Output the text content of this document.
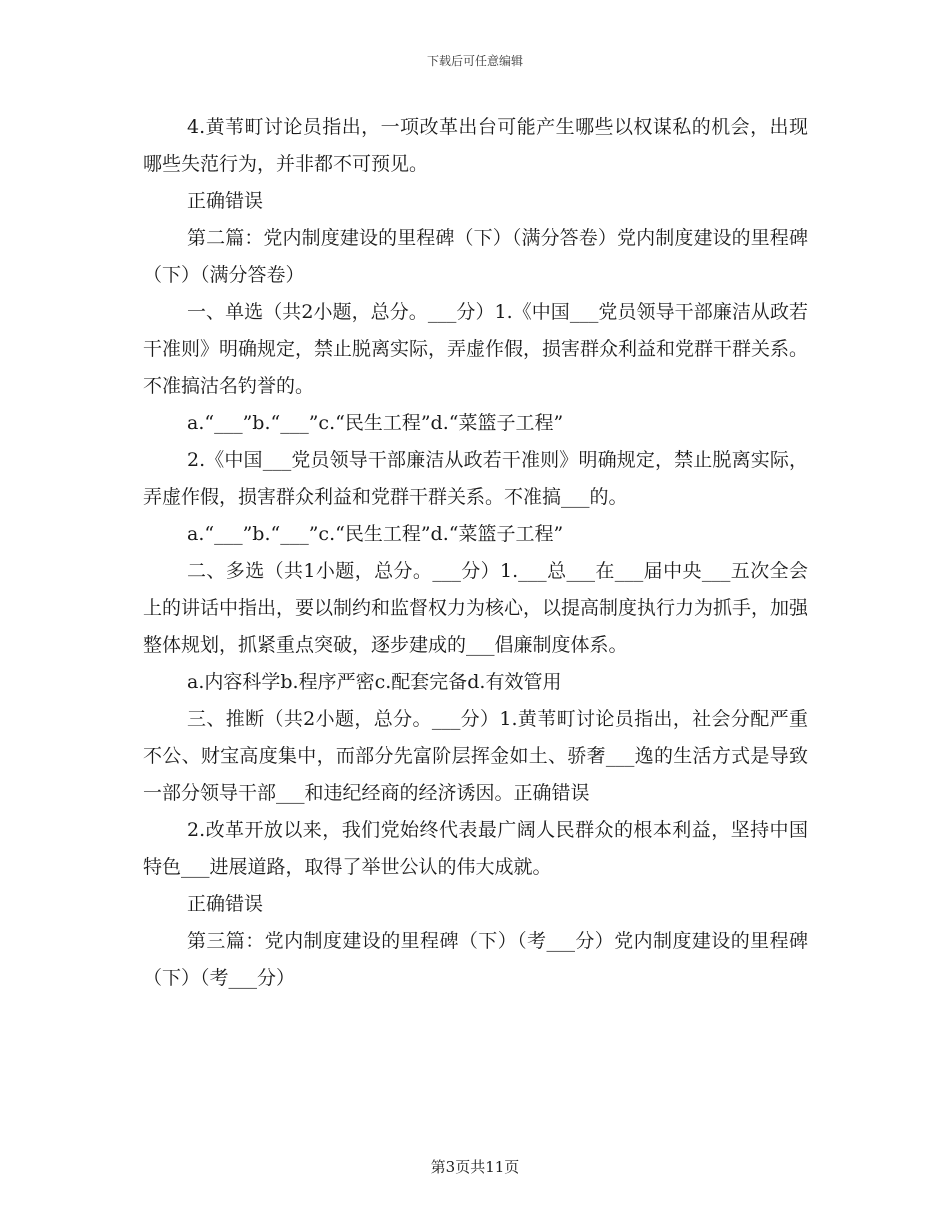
下载后可任意编辑

4.黄苇町讨论员指出，一项改革出台可能产生哪些以权谋私的机会，出现哪些失范行为，并非都不可预见。

正确错误

第二篇：党内制度建设的里程碑（下）（满分答卷）党内制度建设的里程碑（下）（满分答卷）

一、单选（共2小题，总分。___分）1.《中国___党员领导干部廉洁从政若干准则》明确规定，禁止脱离实际，弄虚作假，损害群众利益和党群干群关系。不准搞沽名钓誉的。

a.“___”b.“___”c.“民生工程”d.“菜篮子工程”

2.《中国___党员领导干部廉洁从政若干准则》明确规定，禁止脱离实际，弄虚作假，损害群众利益和党群干群关系。不准搞___的。

a.“___”b.“___”c.“民生工程”d.“菜篮子工程”

二、多选（共1小题，总分。___分）1.___总___在___届中央___五次全会上的讲话中指出，要以制约和监督权力为核心，以提高制度执行力为抓手，加强整体规划，抓紧重点突破，逐步建成的___倡廉制度体系。

a.内容科学b.程序严密c.配套完备d.有效管用

三、推断（共2小题，总分。___分）1.黄苇町讨论员指出，社会分配严重不公、财宝高度集中，而部分先富阶层挥金如土、骄奢___逸的生活方式是导致一部分领导干部___和违纪经商的经济诱因。正确错误

2.改革开放以来，我们党始终代表最广阔人民群众的根本利益，坚持中国特色___进展道路，取得了举世公认的伟大成就。

正确错误

第三篇：党内制度建设的里程碑（下）（考___分）党内制度建设的里程碑（下）（考___分）

第3页共11页
